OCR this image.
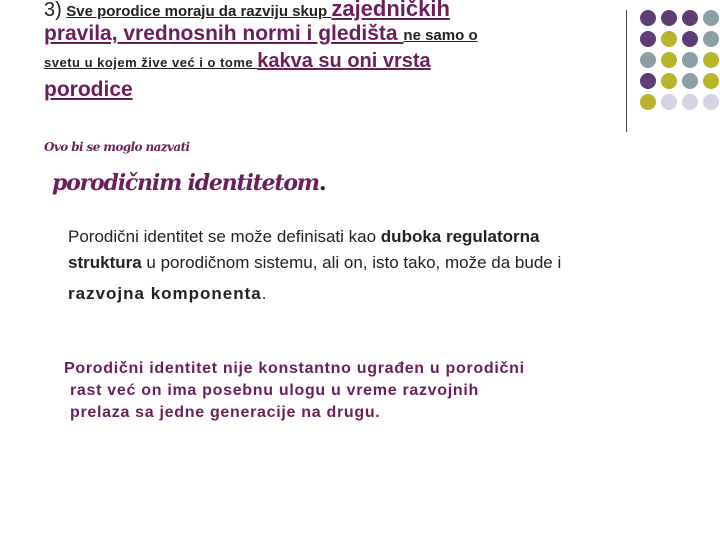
3) Sve porodice moraju da razviju skup zajedničkih
pravila, vrednosnih normi i gledišta ne samo o
svetu u kojem žive već i o tome kakva su oni vrsta
porodice
Ovo bi se moglo nazvati
porodičnim identitetom.
Porodični identitet se može definisati kao duboka regulatorna
struktura u porodičnom sistemu, ali on, isto tako, može da bude i
razvojna komponenta.
Porodični identitet nije konstantno ugrađen u porodični
rast već on ima posebnu ulogu u vreme razvojnih
prelaza sa jedne generacije na drugu.
